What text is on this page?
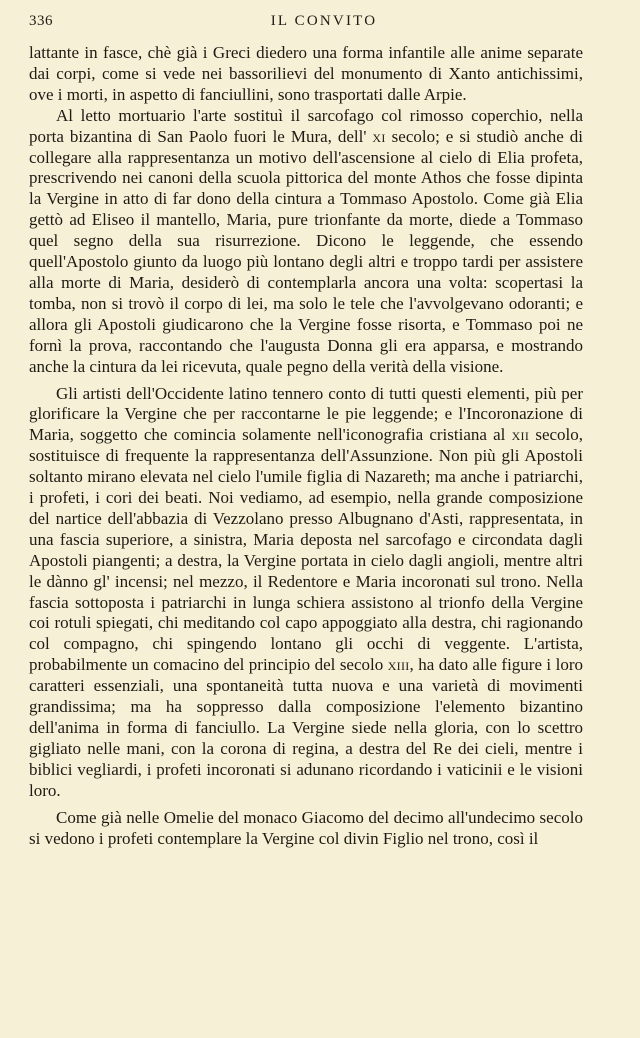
336	IL CONVITO

lattante in fasce, chè già i Greci diedero una forma infantile alle anime separate dai corpi, come si vede nei bassorilievi del monumento di Xanto antichissimi, ove i morti, in aspetto di fanciullini, sono trasportati dalle Arpie.

Al letto mortuario l'arte sostituì il sarcofago col rimosso coperchio, nella porta bizantina di San Paolo fuori le Mura, dell' xi secolo; e si studiò anche di collegare alla rappresentanza un motivo dell'ascensione al cielo di Elia profeta, prescrivendo nei canoni della scuola pittorica del monte Athos che fosse dipinta la Vergine in atto di far dono della cintura a Tommaso Apostolo. Come già Elia gettò ad Eliseo il mantello, Maria, pure trionfante da morte, diede a Tommaso quel segno della sua risurrezione. Dicono le leggende, che essendo quell'Apostolo giunto da luogo più lontano degli altri e troppo tardi per assistere alla morte di Maria, desiderò di contemplarla ancora una volta: scopertasi la tomba, non si trovò il corpo di lei, ma solo le tele che l'avvolgevano odoranti; e allora gli Apostoli giudicarono che la Vergine fosse risorta, e Tommaso poi ne fornì la prova, raccontando che l'augusta Donna gli era apparsa, e mostrando anche la cintura da lei ricevuta, quale pegno della verità della visione.

Gli artisti dell'Occidente latino tennero conto di tutti questi elementi, più per glorificare la Vergine che per raccontarne le pie leggende; e l'Incoronazione di Maria, soggetto che comincia solamente nell'iconografia cristiana al xii secolo, sostituisce di frequente la rappresentanza dell'Assunzione. Non più gli Apostoli soltanto mirano elevata nel cielo l'umile figlia di Nazareth; ma anche i patriarchi, i profeti, i cori dei beati. Noi vediamo, ad esempio, nella grande composizione del nartice dell'abbazia di Vezzolano presso Albugnano d'Asti, rappresentata, in una fascia superiore, a sinistra, Maria deposta nel sarcofago e circondata dagli Apostoli piangenti; a destra, la Vergine portata in cielo dagli angioli, mentre altri le dànno gl' incensi; nel mezzo, il Redentore e Maria incoronati sul trono. Nella fascia sottoposta i patriarchi in lunga schiera assistono al trionfo della Vergine coi rotuli spiegati, chi meditando col capo appoggiato alla destra, chi ragionando col compagno, chi spingendo lontano gli occhi di veggente. L'artista, probabilmente un comacino del principio del secolo xiii, ha dato alle figure i loro caratteri essenziali, una spontaneità tutta nuova e una varietà di movimenti grandissima; ma ha soppresso dalla composizione l'elemento bizantino dell'anima in forma di fanciullo. La Vergine siede nella gloria, con lo scettro gigliato nelle mani, con la corona di regina, a destra del Re dei cieli, mentre i biblici vegliardi, i profeti incoronati si adunano ricordando i vaticinii e le visioni loro.

Come già nelle Omelie del monaco Giacomo del decimo all'undecimo secolo si vedono i profeti contemplare la Vergine col divin Figlio nel trono, così il
